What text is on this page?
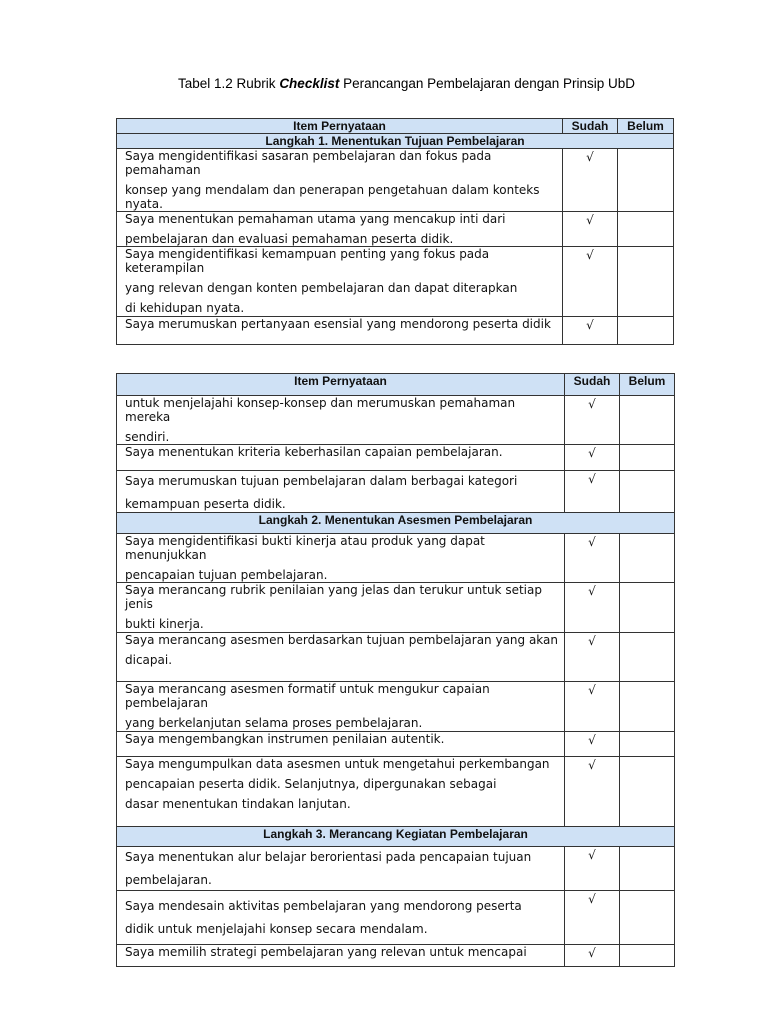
Tabel 1.2 Rubrik Checklist Perancangan Pembelajaran dengan Prinsip UbD
Item Pernyataan	Sudah	Belum
Langkah 1. Menentukan Tujuan Pembelajaran		

Saya mengidentifikasi sasaran pembelajaran dan fokus pada pemahaman
konsep yang mendalam dan penerapan pengetahuan dalam konteks nyata.	√	

Saya menentukan pemahaman utama yang mencakup inti dari
pembelajaran dan evaluasi pemahaman peserta didik.	√	

Saya mengidentifikasi kemampuan penting yang fokus pada keterampilan
yang relevan dengan konten pembelajaran dan dapat diterapkan
di kehidupan nyata.	√	

Saya merumuskan pertanyaan esensial yang mendorong peserta didik	√	
Item Pernyataan	Sudah	Belum

untuk menjelajahi konsep-konsep dan merumuskan pemahaman mereka
sendiri.	√	

Saya menentukan kriteria keberhasilan capaian pembelajaran.	√	

Saya merumuskan tujuan pembelajaran dalam berbagai kategori
kemampuan peserta didik.	√	
Langkah 2. Menentukan Asesmen Pembelajaran		

Saya mengidentifikasi bukti kinerja atau produk yang dapat menunjukkan
pencapaian tujuan pembelajaran.	√	

Saya merancang rubrik penilaian yang jelas dan terukur untuk setiap jenis
bukti kinerja.	√	

Saya merancang asesmen berdasarkan tujuan pembelajaran yang akan
dicapai.	√	

Saya merancang asesmen formatif untuk mengukur capaian pembelajaran
yang berkelanjutan selama proses pembelajaran.	√	

Saya mengembangkan instrumen penilaian autentik.	√	

Saya mengumpulkan data asesmen untuk mengetahui perkembangan
pencapaian peserta didik. Selanjutnya, dipergunakan sebagai
dasar menentukan tindakan lanjutan.	√	
Langkah 3. Merancang Kegiatan Pembelajaran		

Saya menentukan alur belajar berorientasi pada pencapaian tujuan
pembelajaran.	√	

Saya mendesain aktivitas pembelajaran yang mendorong peserta
didik untuk menjelajahi konsep secara mendalam.	√	

Saya memilih strategi pembelajaran yang relevan untuk mencapai	√	
